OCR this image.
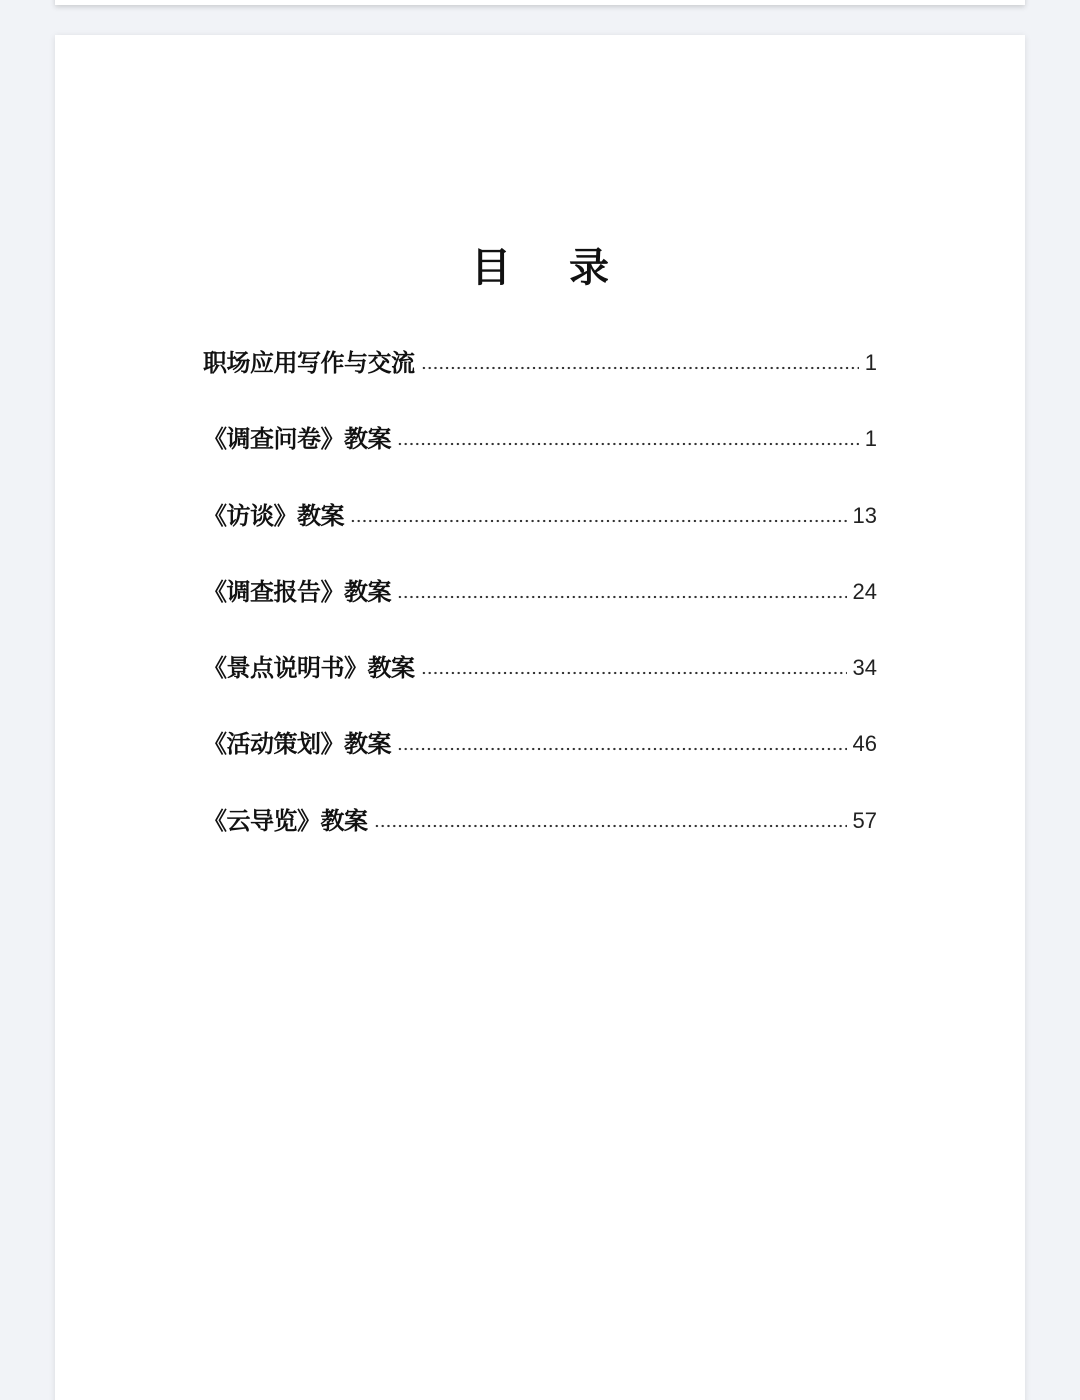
目 录
职场应用写作与交流	1
《调查问卷》教案	1
《访谈》教案	13
《调查报告》教案	24
《景点说明书》教案	34
《活动策划》教案	46
《云导览》教案	57
